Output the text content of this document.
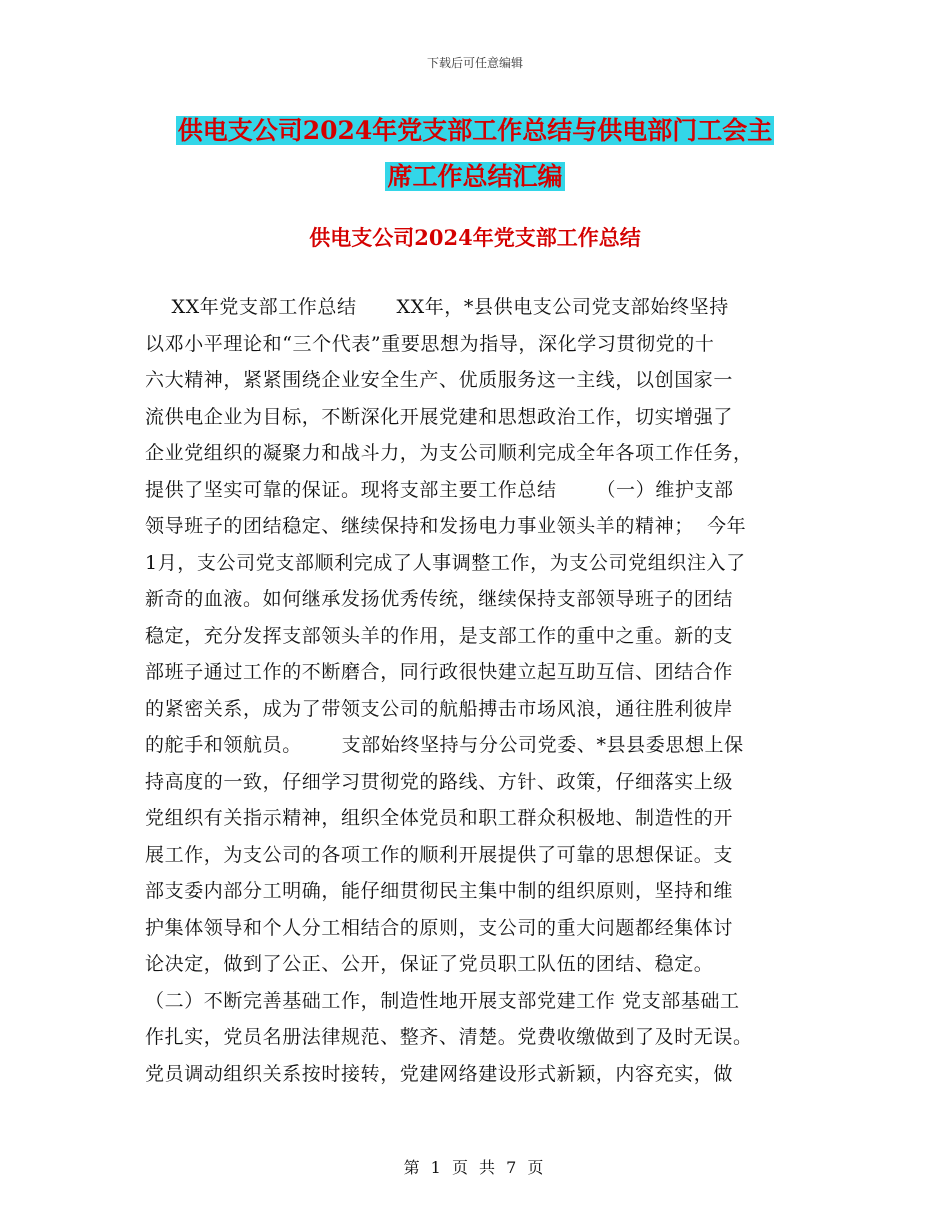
下载后可任意编辑
供电支公司2024年党支部工作总结与供电部门工会主
席工作总结汇编
供电支公司2024年党支部工作总结
XX年党支部工作总结      XX年，*县供电支公司党支部始终坚持
以邓小平理论和“三个代表”重要思想为指导，深化学习贯彻党的十
六大精神，紧紧围绕企业安全生产、优质服务这一主线，以创国家一
流供电企业为目标，不断深化开展党建和思想政治工作，切实增强了
企业党组织的凝聚力和战斗力，为支公司顺利完成全年各项工作任务，
提供了坚实可靠的保证。现将支部主要工作总结      （一）维护支部
领导班子的团结稳定、继续保持和发扬电力事业领头羊的精神；  今年
1月，支公司党支部顺利完成了人事调整工作，为支公司党组织注入了
新奇的血液。如何继承发扬优秀传统，继续保持支部领导班子的团结
稳定，充分发挥支部领头羊的作用，是支部工作的重中之重。新的支
部班子通过工作的不断磨合，同行政很快建立起互助互信、团结合作
的紧密关系，成为了带领支公司的航船搏击市场风浪，通往胜利彼岸
的舵手和领航员。      支部始终坚持与分公司党委、*县县委思想上保
持高度的一致，仔细学习贯彻党的路线、方针、政策，仔细落实上级
党组织有关指示精神，组织全体党员和职工群众积极地、制造性的开
展工作，为支公司的各项工作的顺利开展提供了可靠的思想保证。支
部支委内部分工明确，能仔细贯彻民主集中制的组织原则，坚持和维
护集体领导和个人分工相结合的原则，支公司的重大问题都经集体讨
论决定，做到了公正、公开，保证了党员职工队伍的团结、稳定。
（二）不断完善基础工作，制造性地开展支部党建工作 党支部基础工
作扎实，党员名册法律规范、整齐、清楚。党费收缴做到了及时无误。
党员调动组织关系按时接转，党建网络建设形式新颖，内容充实，做
第 1 页 共 7 页
